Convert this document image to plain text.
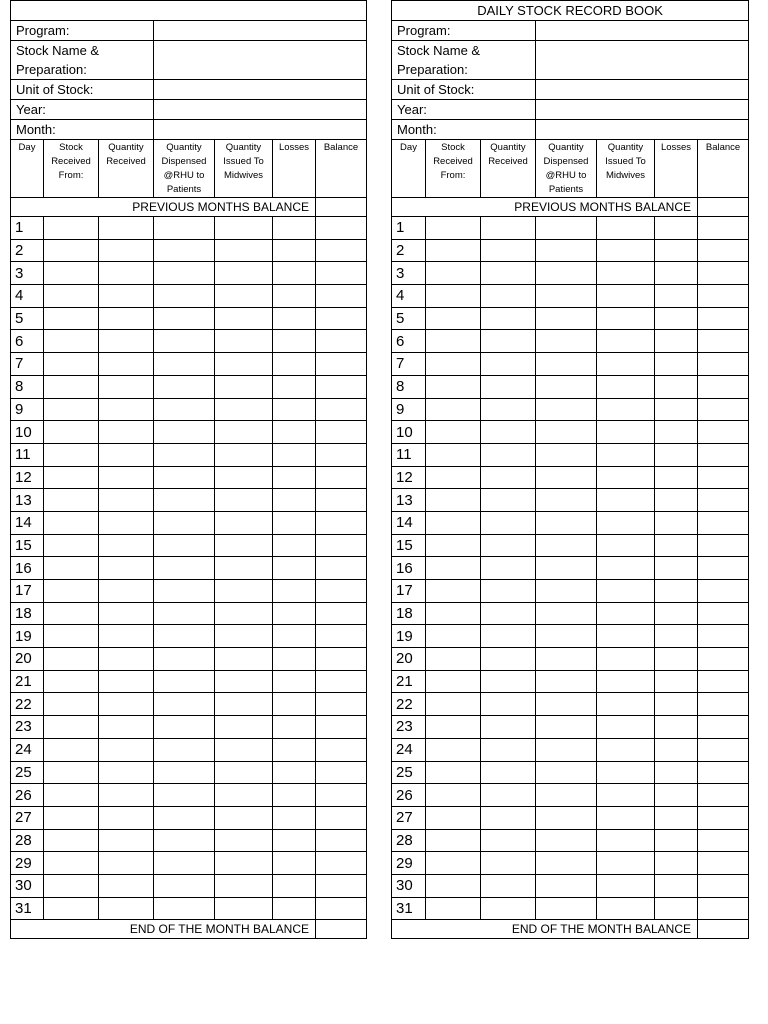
Program:						
Stock Name & Preparation:						
Unit of Stock:						
Year:						
Month:						
Day	Stock Received From:	Quantity Received	Quantity Dispensed @RHU to Patients	Quantity Issued To Midwives	Losses	Balance
PREVIOUS MONTHS BALANCE						
1						
2						
3						
4						
5						
6						
7						
8						
9						
10						
11						
12						
13						
14						
15						
16						
17						
18						
19						
20						
21						
22						
23						
24						
25						
26						
27						
28						
29						
30						
31						
END OF THE MONTH BALANCE						
DAILY STOCK RECORD BOOK						
Program:						
Stock Name & Preparation:						
Unit of Stock:						
Year:						
Month:						
Day	Stock Received From:	Quantity Received	Quantity Dispensed @RHU to Patients	Quantity Issued To Midwives	Losses	Balance
PREVIOUS MONTHS BALANCE						
1						
2						
3						
4						
5						
6						
7						
8						
9						
10						
11						
12						
13						
14						
15						
16						
17						
18						
19						
20						
21						
22						
23						
24						
25						
26						
27						
28						
29						
30						
31						
END OF THE MONTH BALANCE						
